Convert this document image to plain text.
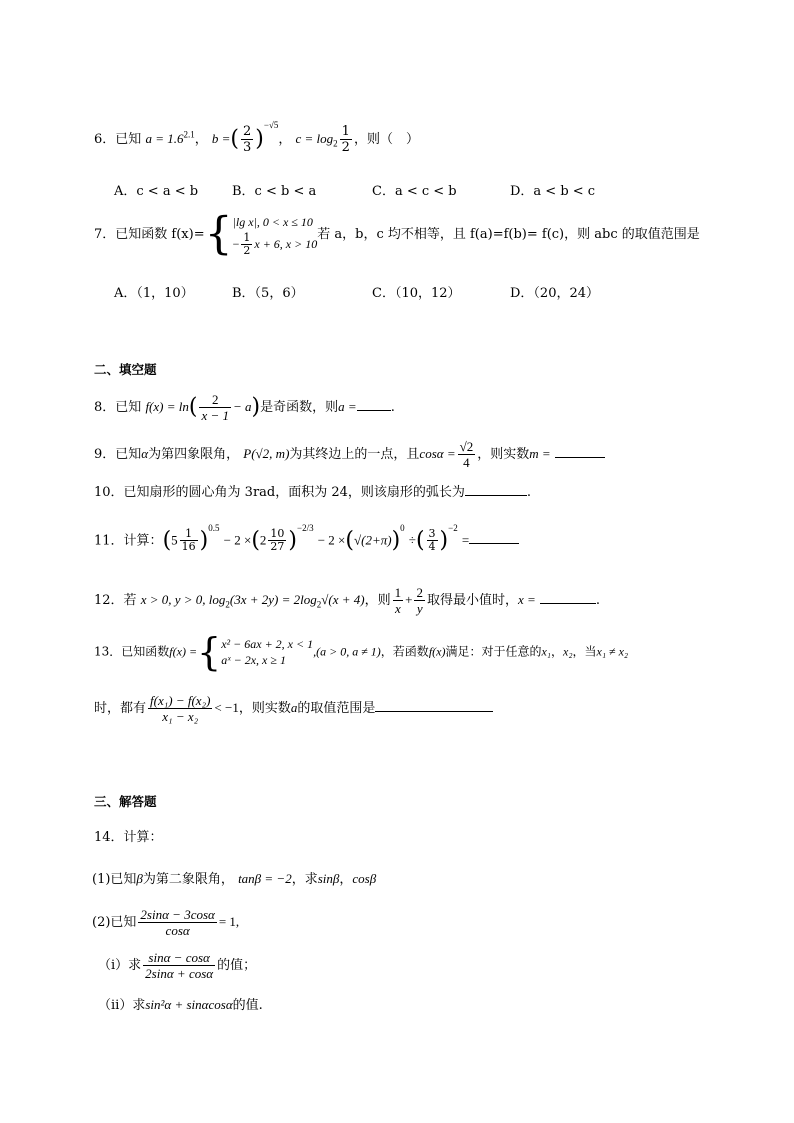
6．已知 $a = 1.6^{2.1}$， b =( $\frac{2}{3} )^{-√5}$， $c = \log_2 \frac{1}{2}$ ，则（　）
A．c < a < b	B．c < b < a	C．a < c < b	D．a < b < c
7．已知函数 f(x)={ |lg x|, 0 < x ≤ 10
− $\frac{1}{2}$ x + 6, x > 10
若 a，b，c 均不相等，且 f(a)=f(b)= f(c)，则 abc 的取值范围是
A．（1，10）	B．（5，6）	C．（10，12）	D．（20，24）
二、填空题
8．已知 $f(x) = \ln( \frac{2}{x - 1} - a)$是奇函数，则a =	.
9．已知α为第四象限角， P(√2, m)为其终边上的一点，且$\cos\alpha = \frac{√2}{4}$ ，则实数m =
10．已知扇形的圆心角为 3rad，面积为 24，则该扇形的弧长为	.
11．计算：$(5 \frac{1}{16} )^{0.5} - 2 \times(2 \frac{10}{27} )^{-2/3} - 2 \times(√(2+\pi))^0$ ÷( $\frac{3}{4} )^{-2}$ =
12．若 x > 0, y > 0, $\log_2(3x + 2y) = 2\log_2√(x + 4)$，则 $\frac{1}{x} + \frac{2}{y}$ 取得最小值时，x =	.
13．已知函数f(x) ={ x² − 6ax + 2, x < 1
aˣ − 2x, x ≥ 1
,(a > 0, a ≠ 1)，若函数f(x)满足：对于任意的x₁，x₂，当x₁ ≠ x₂
时，都有 $\frac{\text{f(x₁) − f(x₂)}}{\text{x₁ − x₂}} < -1$，则实数a的取值范围是
三、解答题
14．计算：
(1)已知β为第二象限角， tanβ = −2，求sinβ，cosβ
(2)已知 $\frac{2\sin\alpha - 3\cos\alpha}{\cos\alpha} = 1$,
（ⅰ）求 $\frac{\sin\alpha - \cos\alpha}{2\sin\alpha + \cos\alpha}$ 的值；
（ⅱ）求sin²α + sinαcosα的值.
